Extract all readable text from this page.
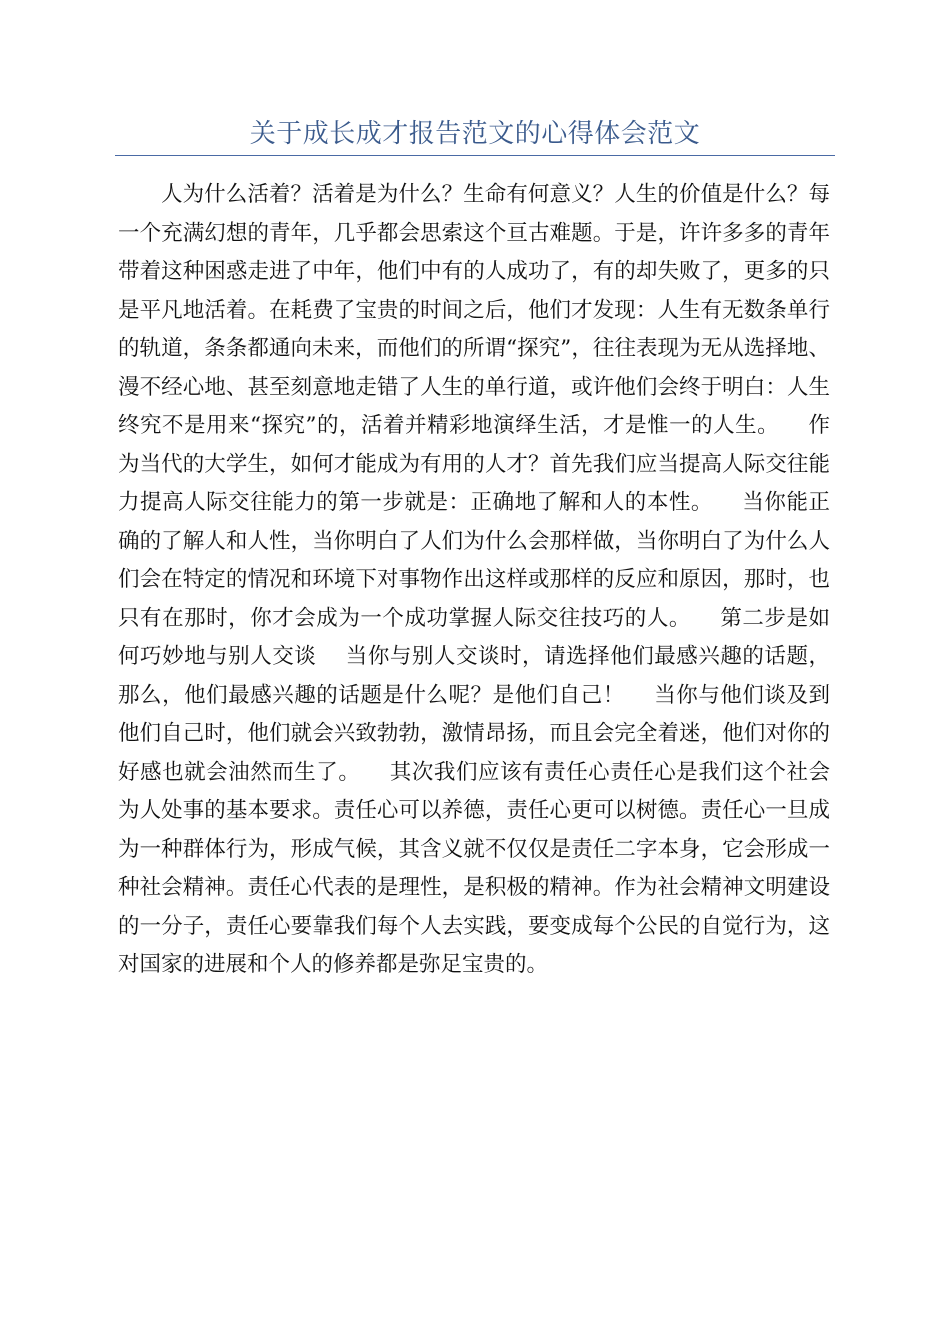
关于成长成才报告范文的心得体会范文

人为什么活着？活着是为什么？生命有何意义？人生的价值是什么？每一个充满幻想的青年，几乎都会思索这个亘古难题。于是，许许多多的青年带着这种困惑走进了中年，他们中有的人成功了，有的却失败了，更多的只是平凡地活着。在耗费了宝贵的时间之后，他们才发现：人生有无数条单行的轨道，条条都通向未来，而他们的所谓“探究”，往往表现为无从选择地、漫不经心地、甚至刻意地走错了人生的单行道，或许他们会终于明白：人生终究不是用来“探究”的，活着并精彩地演绎生活，才是惟一的人生。    作为当代的大学生，如何才能成为有用的人才？首先我们应当提高人际交往能力提高人际交往能力的第一步就是：正确地了解和人的本性。    当你能正确的了解人和人性，当你明白了人们为什么会那样做，当你明白了为什么人们会在特定的情况和环境下对事物作出这样或那样的反应和原因，那时，也只有在那时，你才会成为一个成功掌握人际交往技巧的人。    第二步是如何巧妙地与别人交谈    当你与别人交谈时，请选择他们最感兴趣的话题，那么，他们最感兴趣的话题是什么呢？是他们自己！    当你与他们谈及到他们自己时，他们就会兴致勃勃，激情昂扬，而且会完全着迷，他们对你的好感也就会油然而生了。    其次我们应该有责任心责任心是我们这个社会为人处事的基本要求。责任心可以养德，责任心更可以树德。责任心一旦成为一种群体行为，形成气候，其含义就不仅仅是责任二字本身，它会形成一种社会精神。责任心代表的是理性，是积极的精神。作为社会精神文明建设的一分子，责任心要靠我们每个人去实践，要变成每个公民的自觉行为，这对国家的进展和个人的修养都是弥足宝贵的。
